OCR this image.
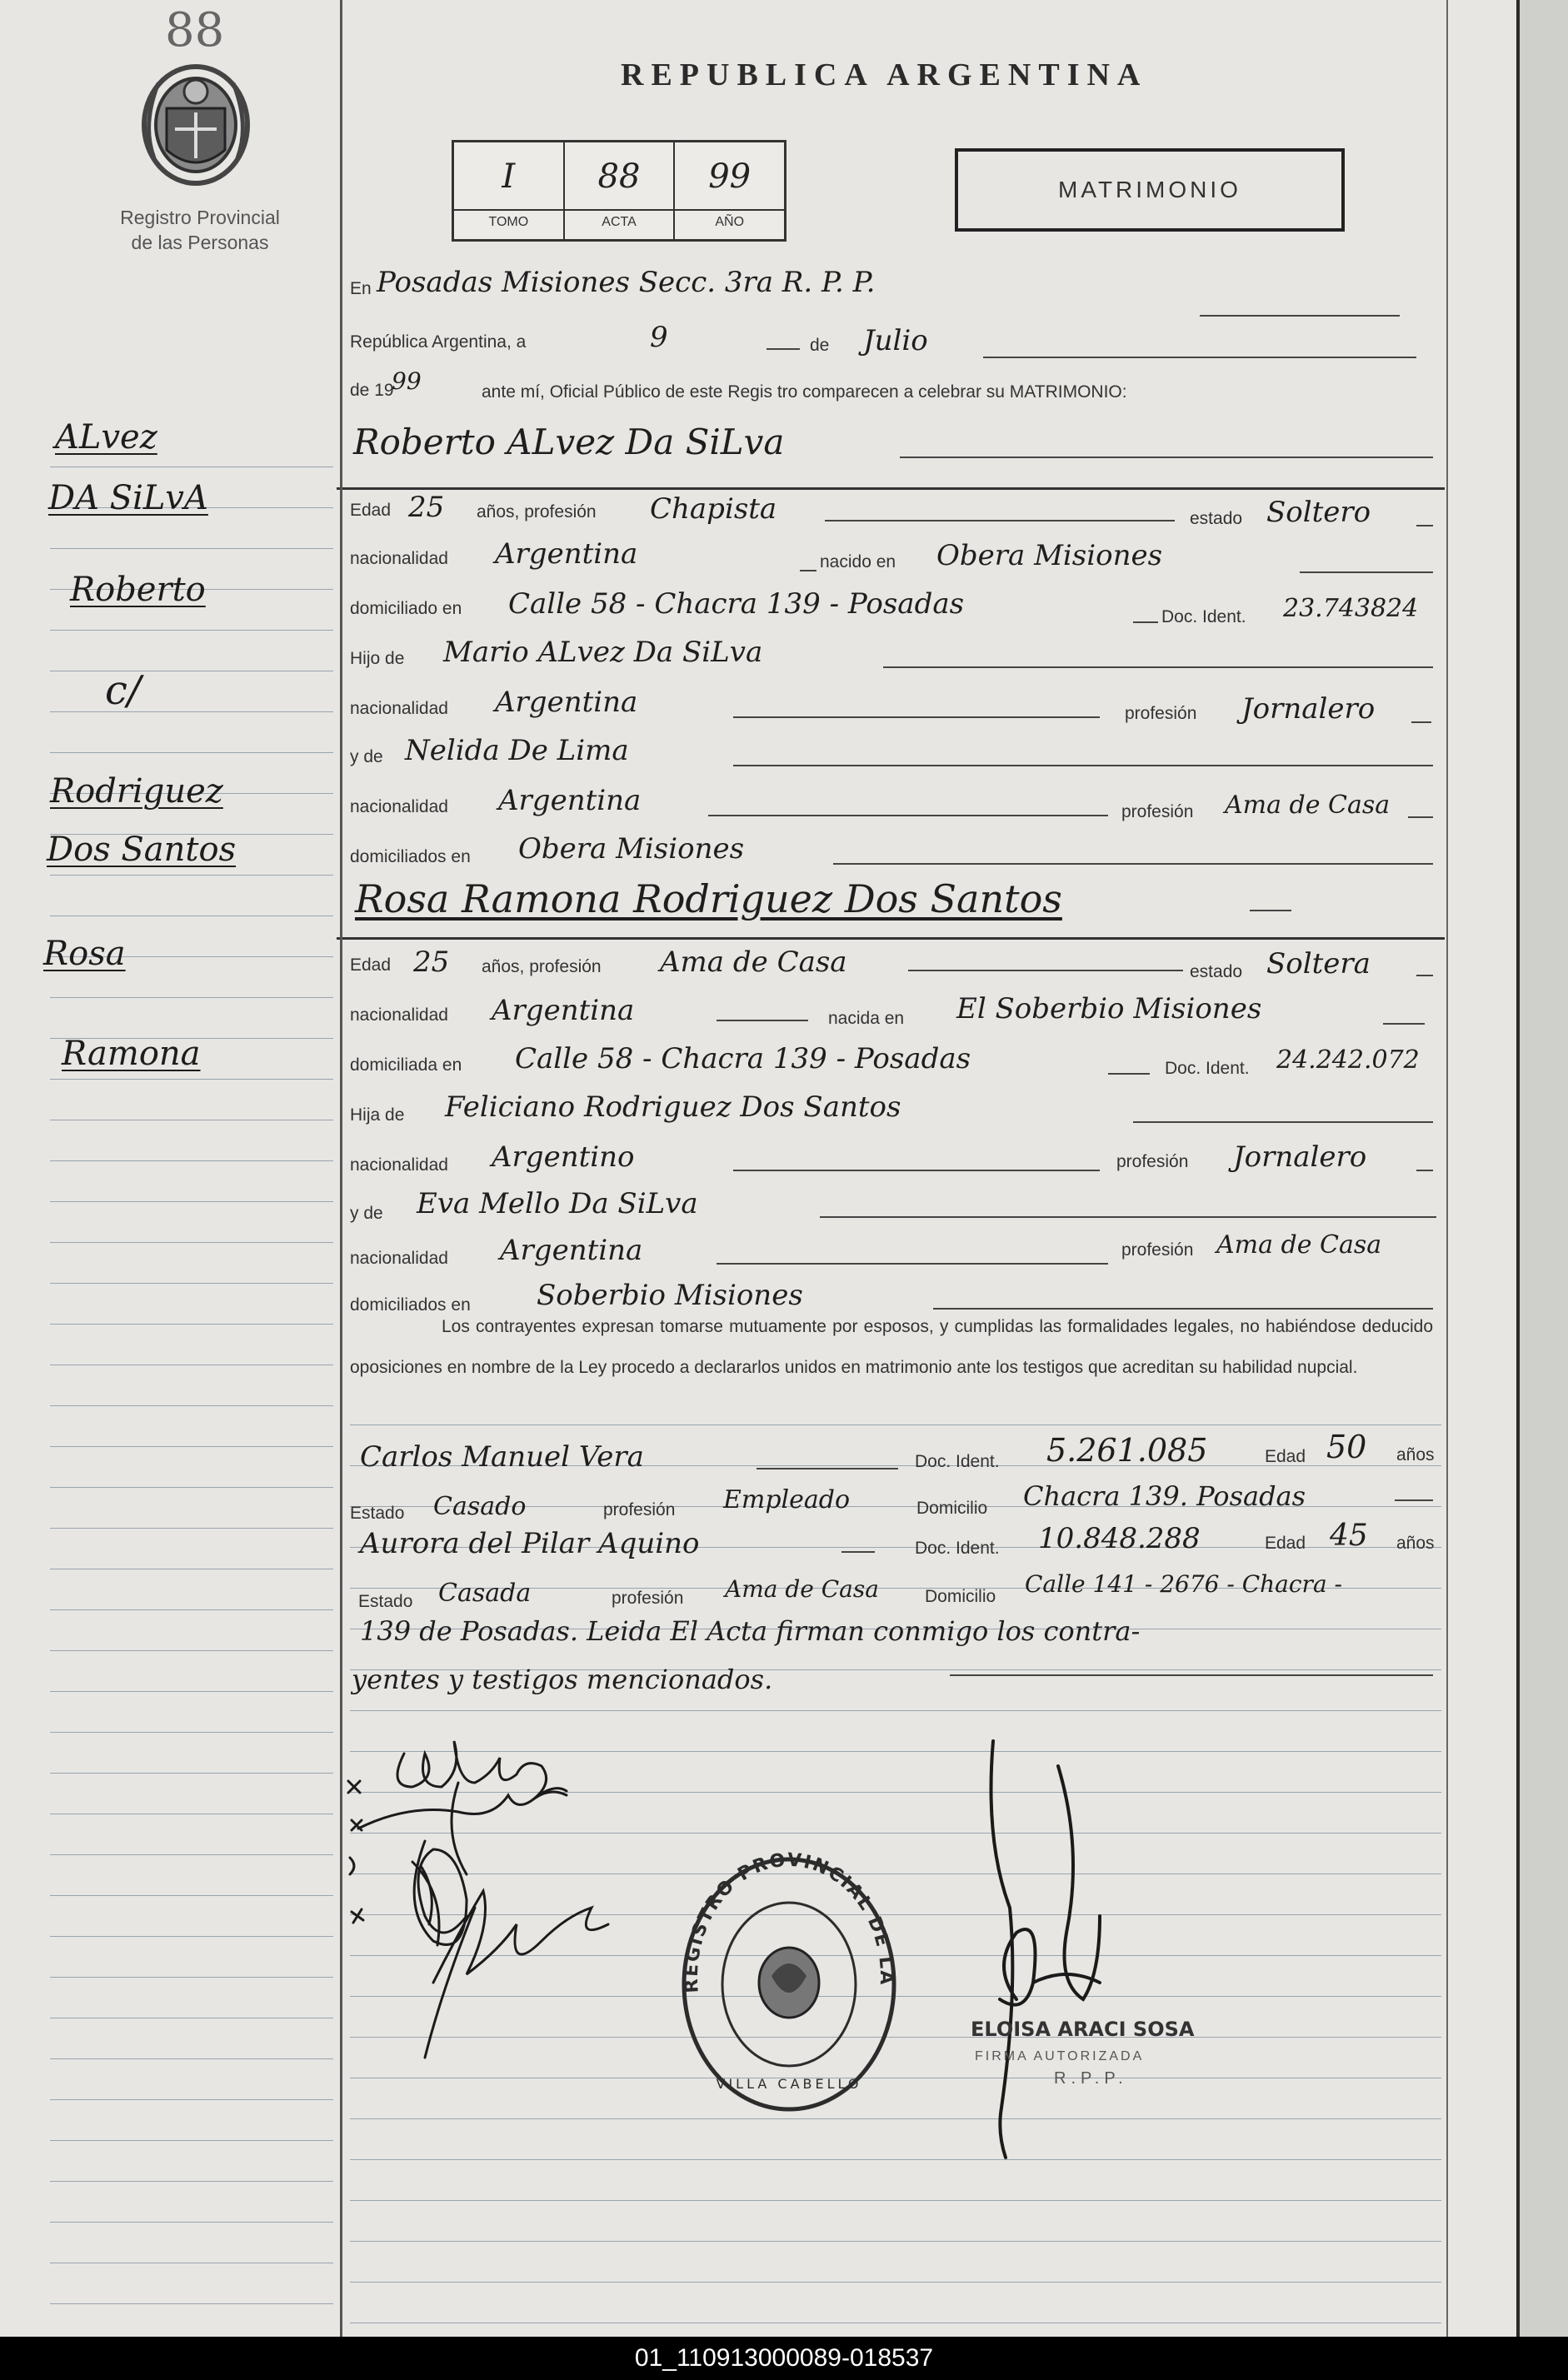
88
Registro Provincial
de las Personas
REPUBLICA ARGENTINA
I
TOMO
88
ACTA
99
AÑO
MATRIMONIO
ALvez
DA SiLvA
Roberto
c/
Rodriguez
Dos Santos
Rosa
Ramona
En Posadas Misiones Secc. 3ra R. P. P.
República Argentina, a	9	de Julio
de 19
99	ante mí, Oficial Público de este Regis tro comparecen a celebrar su MATRIMONIO:
Roberto ALvez Da SiLva
Edad 25 años, profesión Chapista	estado Soltero
nacionalidad Argentina	nacido en Obera Misiones
domiciliado en Calle 58 - Chacra 139 - Posadas	Doc. Ident. 23.743824
Hijo de Mario ALvez Da SiLva
nacionalidad Argentina	profesión Jornalero
y de Nelida De Lima
nacionalidad Argentina	profesión Ama de Casa
domiciliados en Obera Misiones
Rosa Ramona Rodriguez Dos Santos
Edad 25 años, profesión Ama de Casa	estado Soltera
nacionalidad Argentina	nacida en El Soberbio Misiones
domiciliada en Calle 58 - Chacra 139 - Posadas	Doc. Ident. 24.242.072
Hija de Feliciano Rodriguez Dos Santos
nacionalidad Argentino	profesión Jornalero
y de Eva Mello Da SiLva
nacionalidad Argentina	profesión Ama de Casa
domiciliados en Soberbio Misiones
Los contrayentes expresan tomarse mutuamente por esposos, y cumplidas las formalidades legales, no habiéndose deducido oposiciones en nombre de la Ley procedo a declararlos unidos en matrimonio ante los testigos que acreditan su habilidad nupcial.
Carlos Manuel Vera	Doc. Ident. 5.261.085	Edad 50 años
Estado Casado	profesión Empleado	Domicilio Chacra 139. Posadas
Aurora del Pilar Aquino	Doc. Ident. 10.848.288	Edad 45 años
Estado Casada	profesión Ama de Casa	Domicilio Calle 141 - 2676 - Chacra -
139 de Posadas. Leida El Acta firman conmigo los contra-
yentes y testigos mencionados.
REGISTRO PROVINCIAL DE LAS PERSONAS
VILLA CABELLO
ELOISA ARACI SOSA
FIRMA AUTORIZADA
R.P.P.
01_110913000089-018537
